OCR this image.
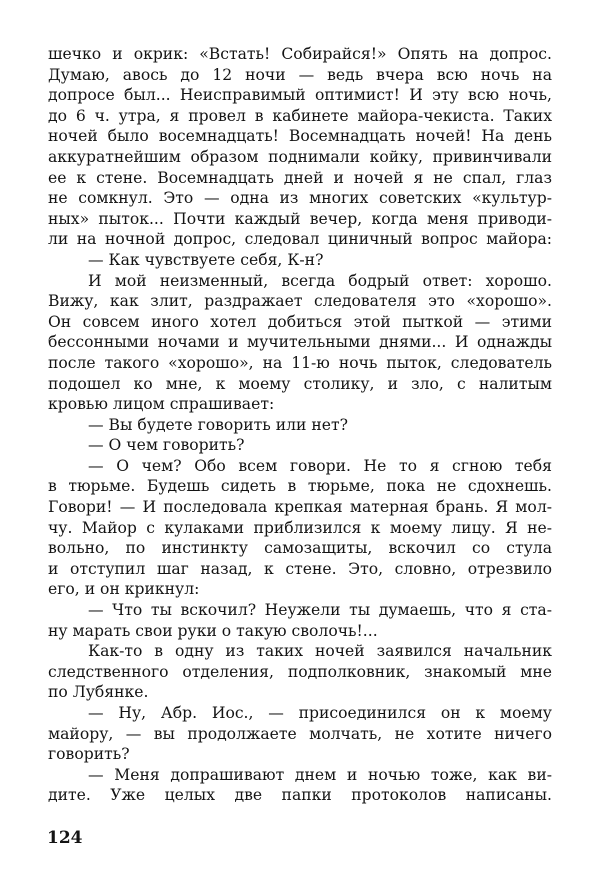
шечко и окрик: «Встать! Собирайся!» Опять на допрос.
Думаю, авось до 12 ночи — ведь вчера всю ночь на
допросе был... Неисправимый оптимист! И эту всю ночь,
до 6 ч. утра, я провел в кабинете майора-чекиста. Таких
ночей было восемнадцать! Восемнадцать ночей! На день
аккуратнейшим образом поднимали койку, привинчивали
ее к стене. Восемнадцать дней и ночей я не спал, глаз
не сомкнул. Это — одна из многих советских «культур-
ных» пыток... Почти каждый вечер, когда меня приводи-
ли на ночной допрос, следовал циничный вопрос майора:
— Как чувствуете себя, К-н?
И мой неизменный, всегда бодрый ответ: хорошо.
Вижу, как злит, раздражает следователя это «хорошо».
Он совсем иного хотел добиться этой пыткой — этими
бессонными ночами и мучительными днями... И однажды
после такого «хорошо», на 11-ю ночь пыток, следователь
подошел ко мне, к моему столику, и зло, с налитым
кровью лицом спрашивает:
— Вы будете говорить или нет?
— О чем говорить?
— О чем? Обо всем говори. Не то я сгною тебя
в тюрьме. Будешь сидеть в тюрьме, пока не сдохнешь.
Говори! — И последовала крепкая матерная брань. Я мол-
чу. Майор с кулаками приблизился к моему лицу. Я не-
вольно, по инстинкту самозащиты, вскочил со стула
и отступил шаг назад, к стене. Это, словно, отрезвило
его, и он крикнул:
— Что ты вскочил? Неужели ты думаешь, что я ста-
ну марать свои руки о такую сволочь!...
Как-то в одну из таких ночей заявился начальник
следственного отделения, подполковник, знакомый мне
по Лубянке.
— Ну, Абр. Иос., — присоединился он к моему
майору, — вы продолжаете молчать, не хотите ничего
говорить?
— Меня допрашивают днем и ночью тоже, как ви-
дите. Уже целых две папки протоколов написаны.
124
